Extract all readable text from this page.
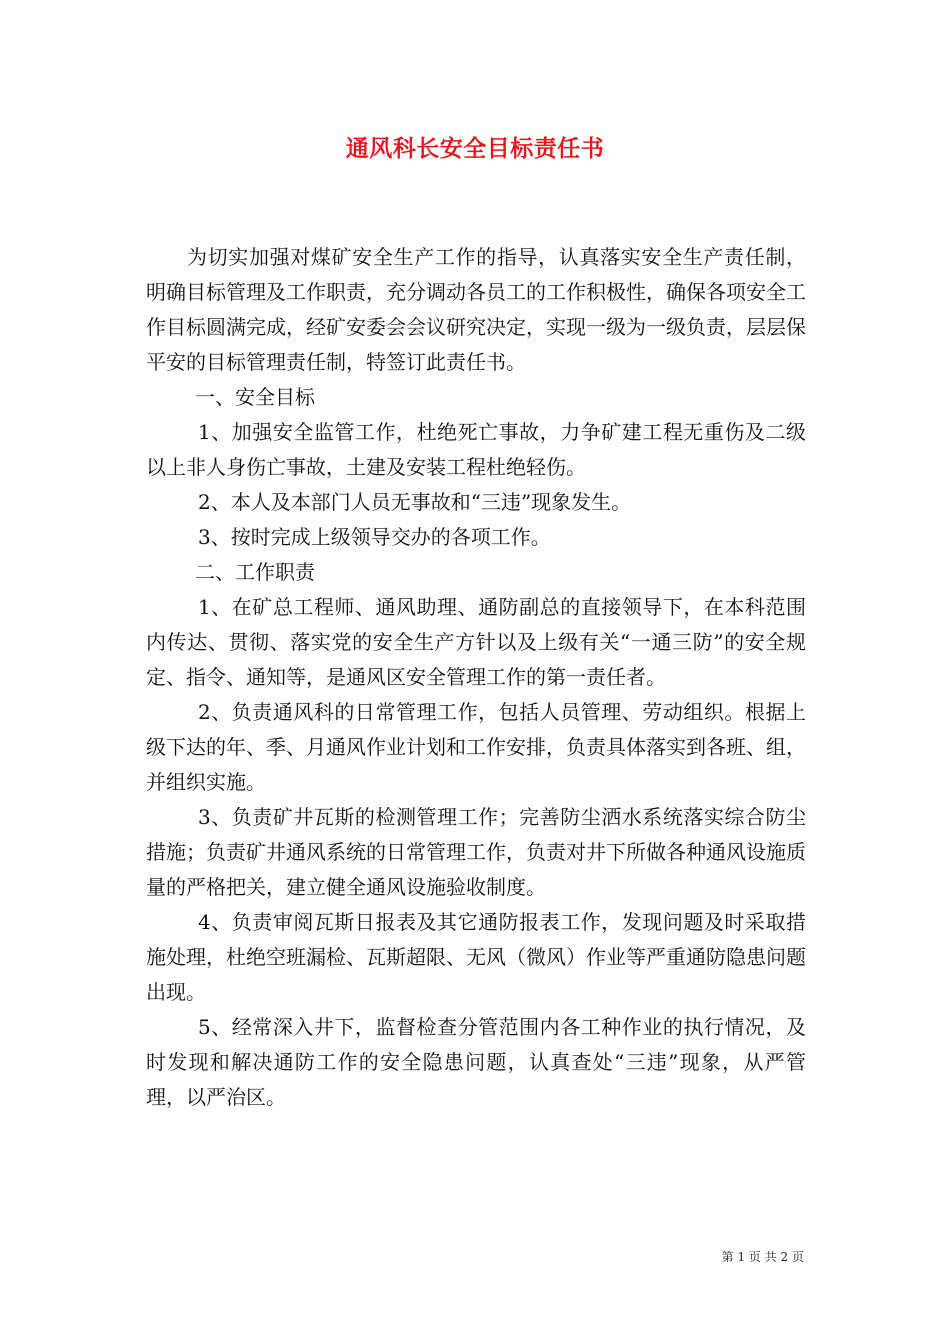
通风科长安全目标责任书

为切实加强对煤矿安全生产工作的指导，认真落实安全生产责任制，明确目标管理及工作职责，充分调动各员工的工作积极性，确保各项安全工作目标圆满完成，经矿安委会会议研究决定，实现一级为一级负责，层层保平安的目标管理责任制，特签订此责任书。

一、安全目标

1、加强安全监管工作，杜绝死亡事故，力争矿建工程无重伤及二级以上非人身伤亡事故，土建及安装工程杜绝轻伤。

2、本人及本部门人员无事故和“三违”现象发生。

3、按时完成上级领导交办的各项工作。

二、工作职责

1、在矿总工程师、通风助理、通防副总的直接领导下，在本科范围内传达、贯彻、落实党的安全生产方针以及上级有关“一通三防”的安全规定、指令、通知等，是通风区安全管理工作的第一责任者。

2、负责通风科的日常管理工作，包括人员管理、劳动组织。根据上级下达的年、季、月通风作业计划和工作安排，负责具体落实到各班、组，并组织实施。

3、负责矿井瓦斯的检测管理工作；完善防尘洒水系统落实综合防尘措施；负责矿井通风系统的日常管理工作，负责对井下所做各种通风设施质量的严格把关，建立健全通风设施验收制度。

4、负责审阅瓦斯日报表及其它通防报表工作，发现问题及时采取措施处理，杜绝空班漏检、瓦斯超限、无风（微风）作业等严重通防隐患问题出现。

5、经常深入井下，监督检查分管范围内各工种作业的执行情况，及时发现和解决通防工作的安全隐患问题，认真查处“三违”现象，从严管理，以严治区。

第 1 页 共 2 页
